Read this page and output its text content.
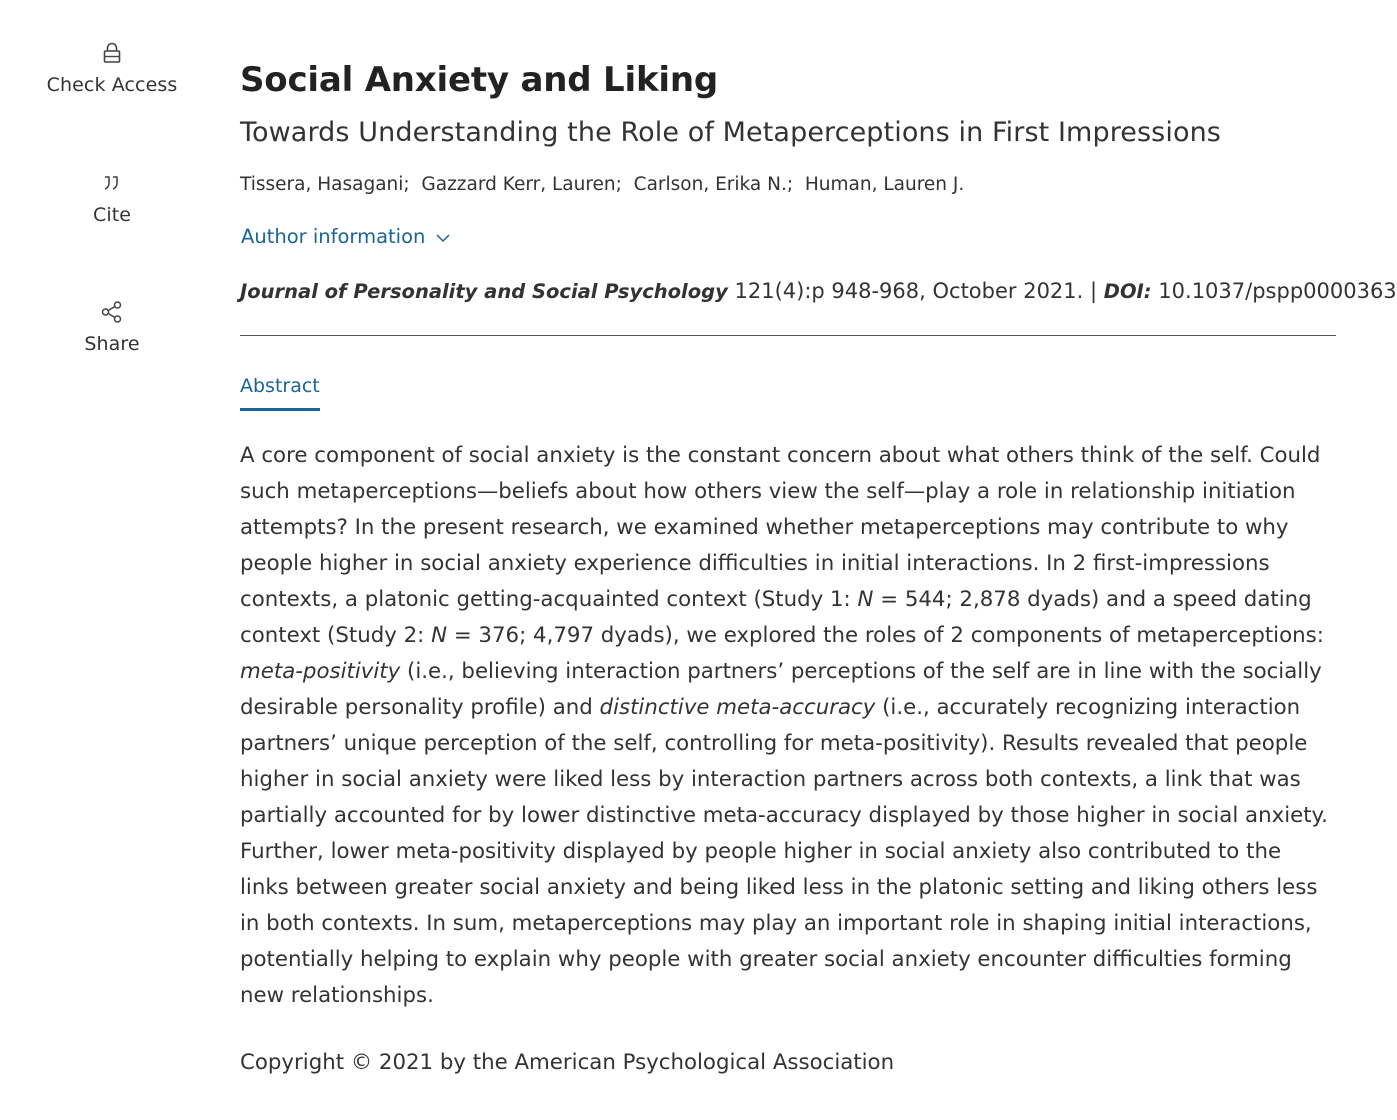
Check Access
Cite
Share
Social Anxiety and Liking
Towards Understanding the Role of Metaperceptions in First Impressions
Tissera, Hasagani; Gazzard Kerr, Lauren; Carlson, Erika N.; Human, Lauren J.
Author information
Journal of Personality and Social Psychology 121(4):p 948-968, October 2021. | DOI: 10.1037/pspp0000363
Abstract

A core component of social anxiety is the constant concern about what others think of the self. Could such metaperceptions—beliefs about how others view the self—play a role in relationship initiation attempts? In the present research, we examined whether metaperceptions may contribute to why people higher in social anxiety experience difficulties in initial interactions. In 2 first-impressions contexts, a platonic getting-acquainted context (Study 1: N = 544; 2,878 dyads) and a speed dating context (Study 2: N = 376; 4,797 dyads), we explored the roles of 2 components of metaperceptions: meta-positivity (i.e., believing interaction partners’ perceptions of the self are in line with the socially desirable personality profile) and distinctive meta-accuracy (i.e., accurately recognizing interaction partners’ unique perception of the self, controlling for meta-positivity). Results revealed that people higher in social anxiety were liked less by interaction partners across both contexts, a link that was partially accounted for by lower distinctive meta-accuracy displayed by those higher in social anxiety. Further, lower meta-positivity displayed by people higher in social anxiety also contributed to the links between greater social anxiety and being liked less in the platonic setting and liking others less in both contexts. In sum, metaperceptions may play an important role in shaping initial interactions, potentially helping to explain why people with greater social anxiety encounter difficulties forming new relationships.

Copyright © 2021 by the American Psychological Association
